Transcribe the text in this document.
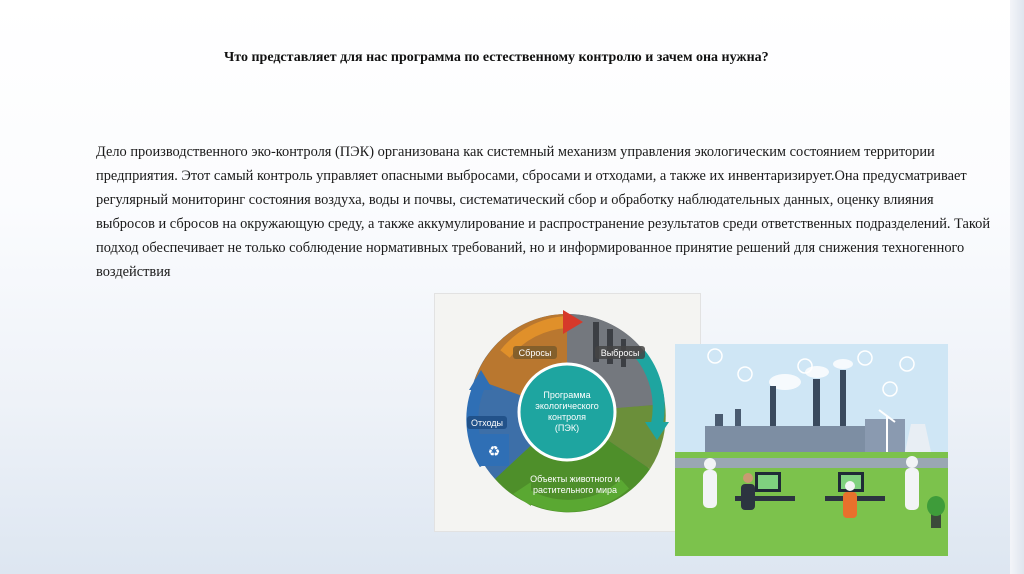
Что представляет для нас программа по естественному контролю и зачем она нужна?
Дело производственного эко-контроля (ПЭК) организована как системный механизм управления экологическим состоянием территории предприятия. Этот самый контроль управляет опасными выбросами, сбросами и отходами, а также их инвентаризирует.Она предусматривает регулярный мониторинг состояния воздуха, воды и почвы, систематический сбор и обработку наблюдательных данных, оценку влияния выбросов и сбросов на окружающую среду, а также аккумулирование и распространение результатов среди ответственных подразделений. Такой подход обеспечивает не только соблюдение нормативных требований, но и информированное принятие решений для снижения техногенного воздействия
Программа
экологического
контроля
(ПЭК)
Сбросы	Выбросы
Отходы
♻
Объекты животного и
растительного мира
